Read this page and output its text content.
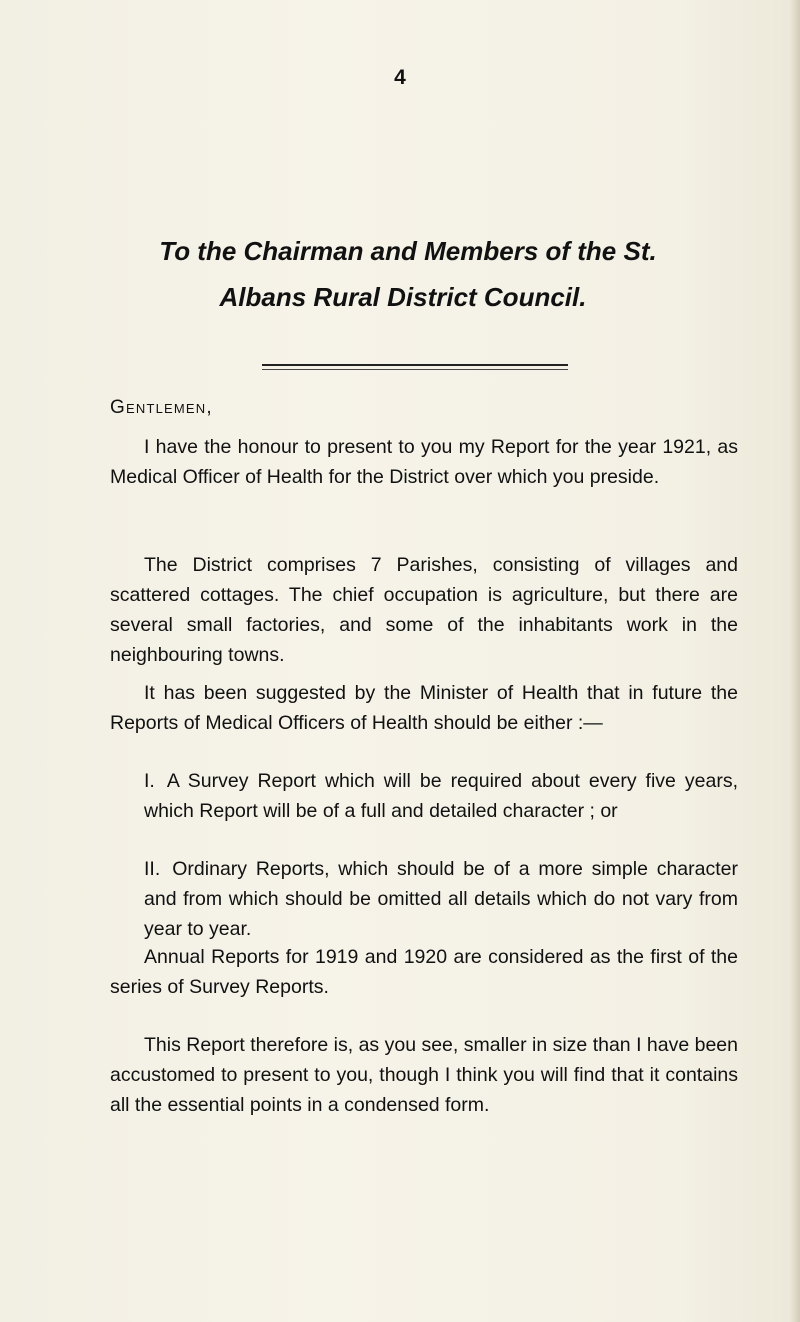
4
To the Chairman and Members of the St.
Albans Rural District Council.
Gentlemen,

I have the honour to present to you my Report for the year 1921, as Medical Officer of Health for the District over which you preside.

The District comprises 7 Parishes, consisting of villages and scattered cottages. The chief occupation is agriculture, but there are several small factories, and some of the inhabitants work in the neighbouring towns.

It has been suggested by the Minister of Health that in future the Reports of Medical Officers of Health should be either :—

I. A Survey Report which will be required about every five years, which Report will be of a full and detailed character ; or

II. Ordinary Reports, which should be of a more simple character and from which should be omitted all details which do not vary from year to year.

Annual Reports for 1919 and 1920 are considered as the first of the series of Survey Reports.

This Report therefore is, as you see, smaller in size than I have been accustomed to present to you, though I think you will find that it contains all the essential points in a condensed form.
